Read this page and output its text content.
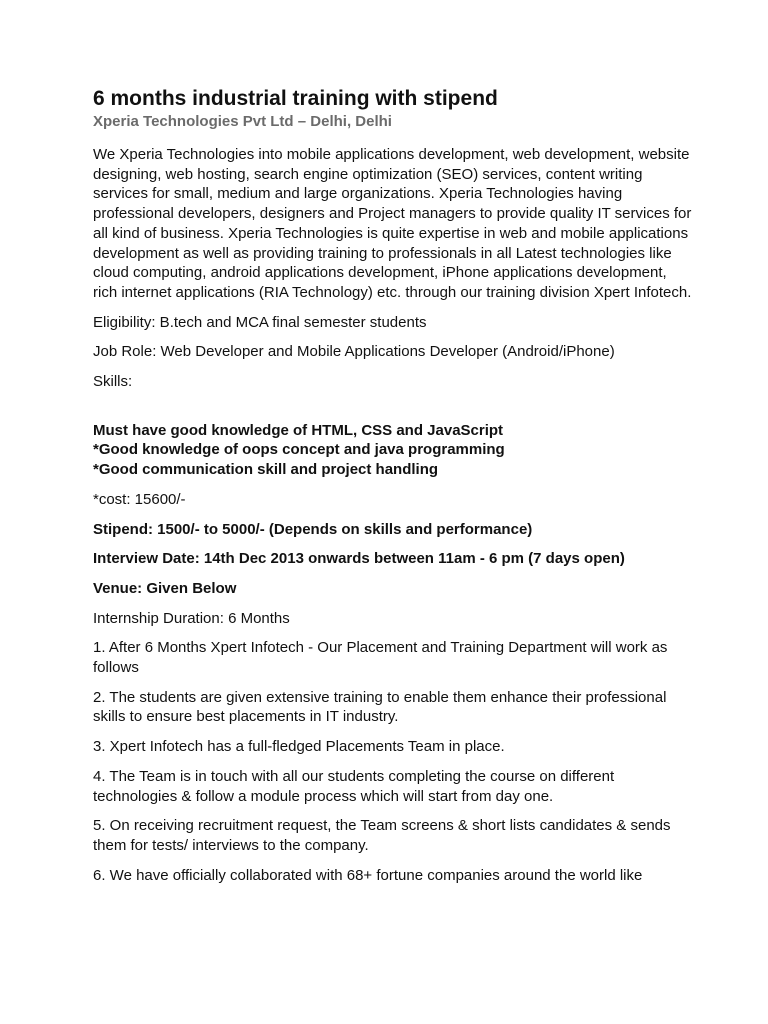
6 months industrial training with stipend

Xperia Technologies Pvt Ltd – Delhi, Delhi

We Xperia Technologies into mobile applications development, web development, website designing, web hosting, search engine optimization (SEO) services, content writing services for small, medium and large organizations. Xperia Technologies having professional developers, designers and Project managers to provide quality IT services for all kind of business. Xperia Technologies is quite expertise in web and mobile applications development as well as providing training to professionals in all Latest technologies like cloud computing, android applications development, iPhone applications development, rich internet applications (RIA Technology) etc. through our training division Xpert Infotech.

Eligibility: B.tech and MCA final semester students

Job Role: Web Developer and Mobile Applications Developer (Android/iPhone)

Skills:

Must have good knowledge of HTML, CSS and JavaScript

*Good knowledge of oops concept and java programming

*Good communication skill and project handling

*cost: 15600/-

Stipend: 1500/- to 5000/- (Depends on skills and performance)

Interview Date: 14th Dec 2013 onwards between 11am - 6 pm (7 days open)

Venue: Given Below

Internship Duration: 6 Months

1. After 6 Months Xpert Infotech - Our Placement and Training Department will work as follows

2. The students are given extensive training to enable them enhance their professional skills to ensure best placements in IT industry.

3. Xpert Infotech has a full-fledged Placements Team in place.

4. The Team is in touch with all our students completing the course on different technologies & follow a module process which will start from day one.

5. On receiving recruitment request, the Team screens & short lists candidates & sends them for tests/ interviews to the company.

6. We have officially collaborated with 68+ fortune companies around the world like
